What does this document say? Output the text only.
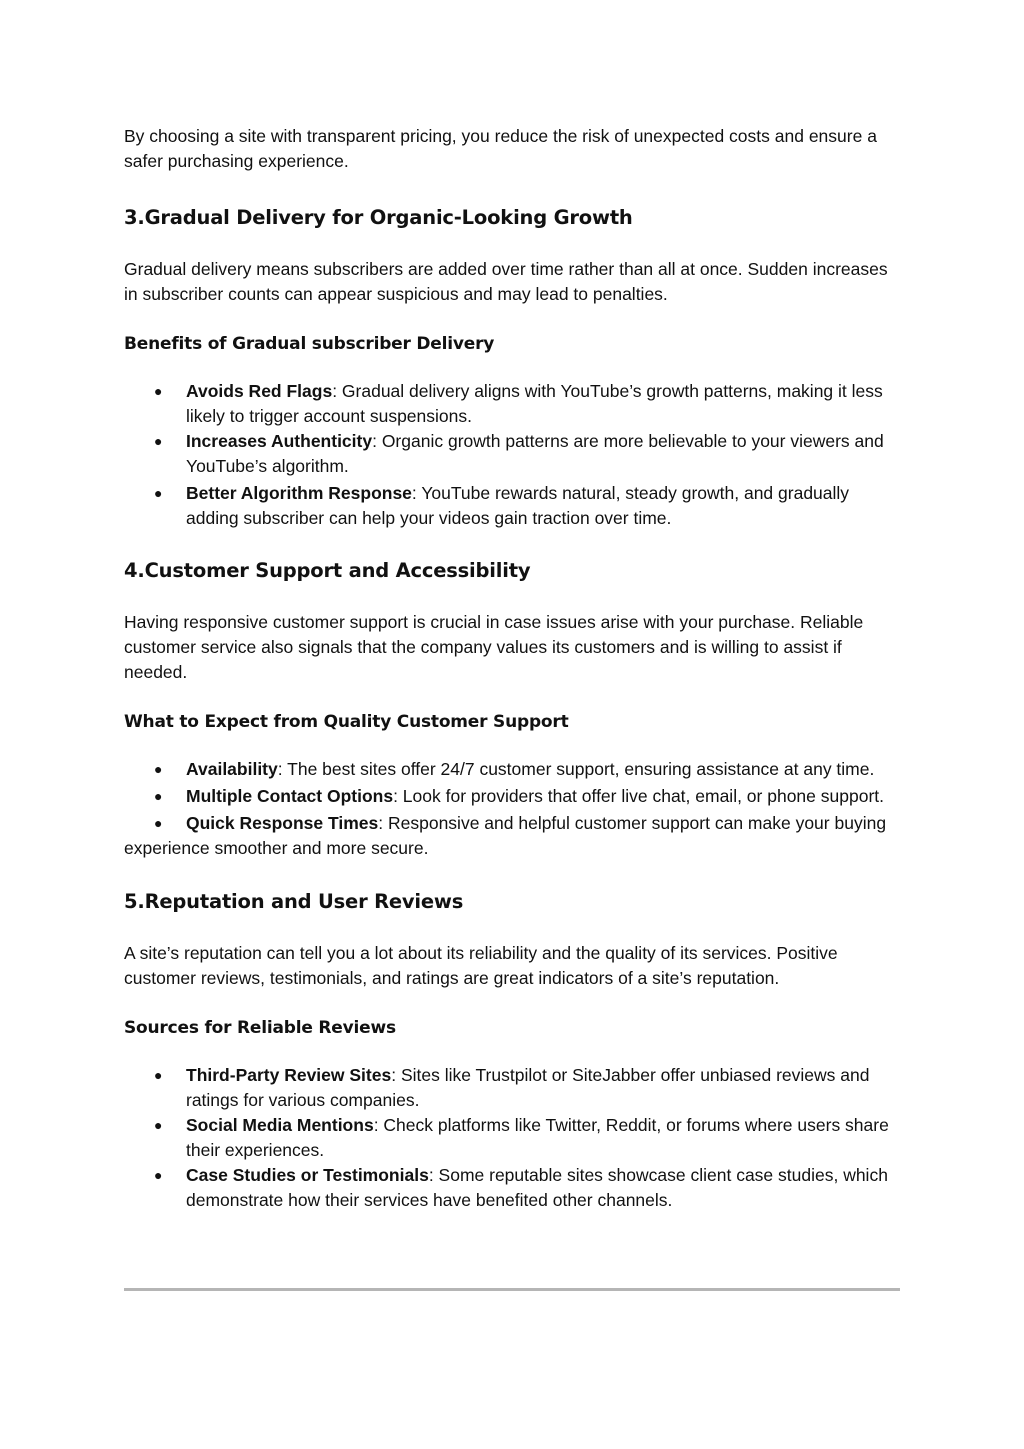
By choosing a site with transparent pricing, you reduce the risk of unexpected costs and ensure a safer purchasing experience.

3.Gradual Delivery for Organic-Looking Growth

Gradual delivery means subscribers are added over time rather than all at once. Sudden increases in subscriber counts can appear suspicious and may lead to penalties.

Benefits of Gradual subscriber Delivery
● Avoids Red Flags: Gradual delivery aligns with YouTube’s growth patterns, making it less likely to trigger account suspensions.
● Increases Authenticity: Organic growth patterns are more believable to your viewers and YouTube’s algorithm.
● Better Algorithm Response: YouTube rewards natural, steady growth, and gradually adding subscriber can help your videos gain traction over time.
4.Customer Support and Accessibility

Having responsive customer support is crucial in case issues arise with your purchase. Reliable customer service also signals that the company values its customers and is willing to assist if needed.

What to Expect from Quality Customer Support
● Availability: The best sites offer 24/7 customer support, ensuring assistance at any time.
● Multiple Contact Options: Look for providers that offer live chat, email, or phone support.

● Quick Response Times: Responsive and helpful customer support can make your buying experience smoother and more secure.

5.Reputation and User Reviews

A site’s reputation can tell you a lot about its reliability and the quality of its services. Positive customer reviews, testimonials, and ratings are great indicators of a site’s reputation.

Sources for Reliable Reviews
● Third-Party Review Sites: Sites like Trustpilot or SiteJabber offer unbiased reviews and ratings for various companies.
● Social Media Mentions: Check platforms like Twitter, Reddit, or forums where users share their experiences.
● Case Studies or Testimonials: Some reputable sites showcase client case studies, which demonstrate how their services have benefited other channels.
